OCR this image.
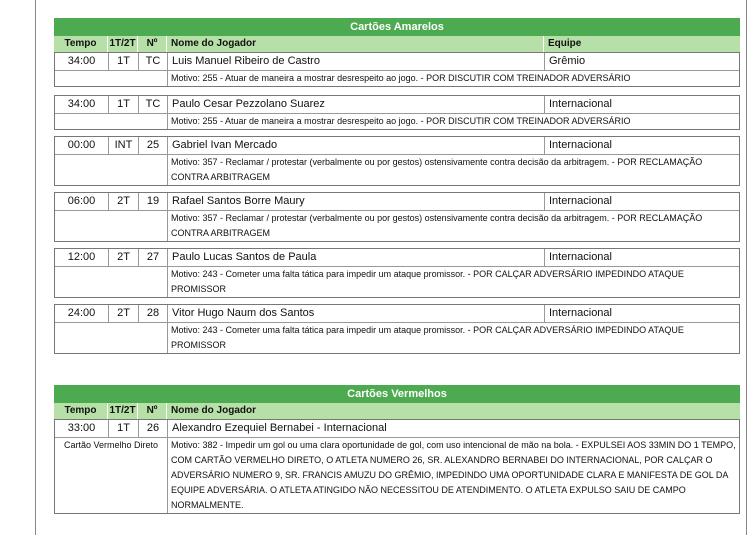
Cartões Amarelos
Tempo	1T/2T	Nº	Nome do Jogador	Equipe
34:00	1T	TC	Luis Manuel Ribeiro de Castro	Grêmio
Motivo: 255 - Atuar de maneira a mostrar desrespeito ao jogo. - POR DISCUTIR COM TREINADOR ADVERSÁRIO
34:00	1T	TC	Paulo Cesar Pezzolano Suarez	Internacional
Motivo: 255 - Atuar de maneira a mostrar desrespeito ao jogo. - POR DISCUTIR COM TREINADOR ADVERSÁRIO
00:00	INT	25	Gabriel Ivan Mercado	Internacional
Motivo: 357 - Reclamar / protestar (verbalmente ou por gestos) ostensivamente contra decisão da arbitragem. - POR RECLAMAÇÃO CONTRA ARBITRAGEM
06:00	2T	19	Rafael Santos Borre Maury	Internacional
Motivo: 357 - Reclamar / protestar (verbalmente ou por gestos) ostensivamente contra decisão da arbitragem. - POR RECLAMAÇÃO CONTRA ARBITRAGEM
12:00	2T	27	Paulo Lucas Santos de Paula	Internacional
Motivo: 243 - Cometer uma falta tática para impedir um ataque promissor. - POR CALÇAR ADVERSÁRIO IMPEDINDO ATAQUE PROMISSOR
24:00	2T	28	Vitor Hugo Naum dos Santos	Internacional
Motivo: 243 - Cometer uma falta tática para impedir um ataque promissor. - POR CALÇAR ADVERSÁRIO IMPEDINDO ATAQUE PROMISSOR
Cartões Vermelhos
Tempo	1T/2T	Nº	Nome do Jogador
33:00	1T	26	Alexandro Ezequiel Bernabei - Internacional
Cartão Vermelho Direto	Motivo: 382 - Impedir um gol ou uma clara oportunidade de gol, com uso intencional de mão na bola. - EXPULSEI AOS 33MIN DO 1 TEMPO, COM CARTÃO VERMELHO DIRETO, O ATLETA NUMERO 26, SR. ALEXANDRO BERNABEI DO INTERNACIONAL, POR CALÇAR O ADVERSÁRIO NUMERO 9, SR. FRANCIS AMUZU DO GRÊMIO, IMPEDINDO UMA OPORTUNIDADE CLARA E MANIFESTA DE GOL DA EQUIPE ADVERSÁRIA. O ATLETA ATINGIDO NÃO NECESSITOU DE ATENDIMENTO. O ATLETA EXPULSO SAIU DE CAMPO NORMALMENTE.
